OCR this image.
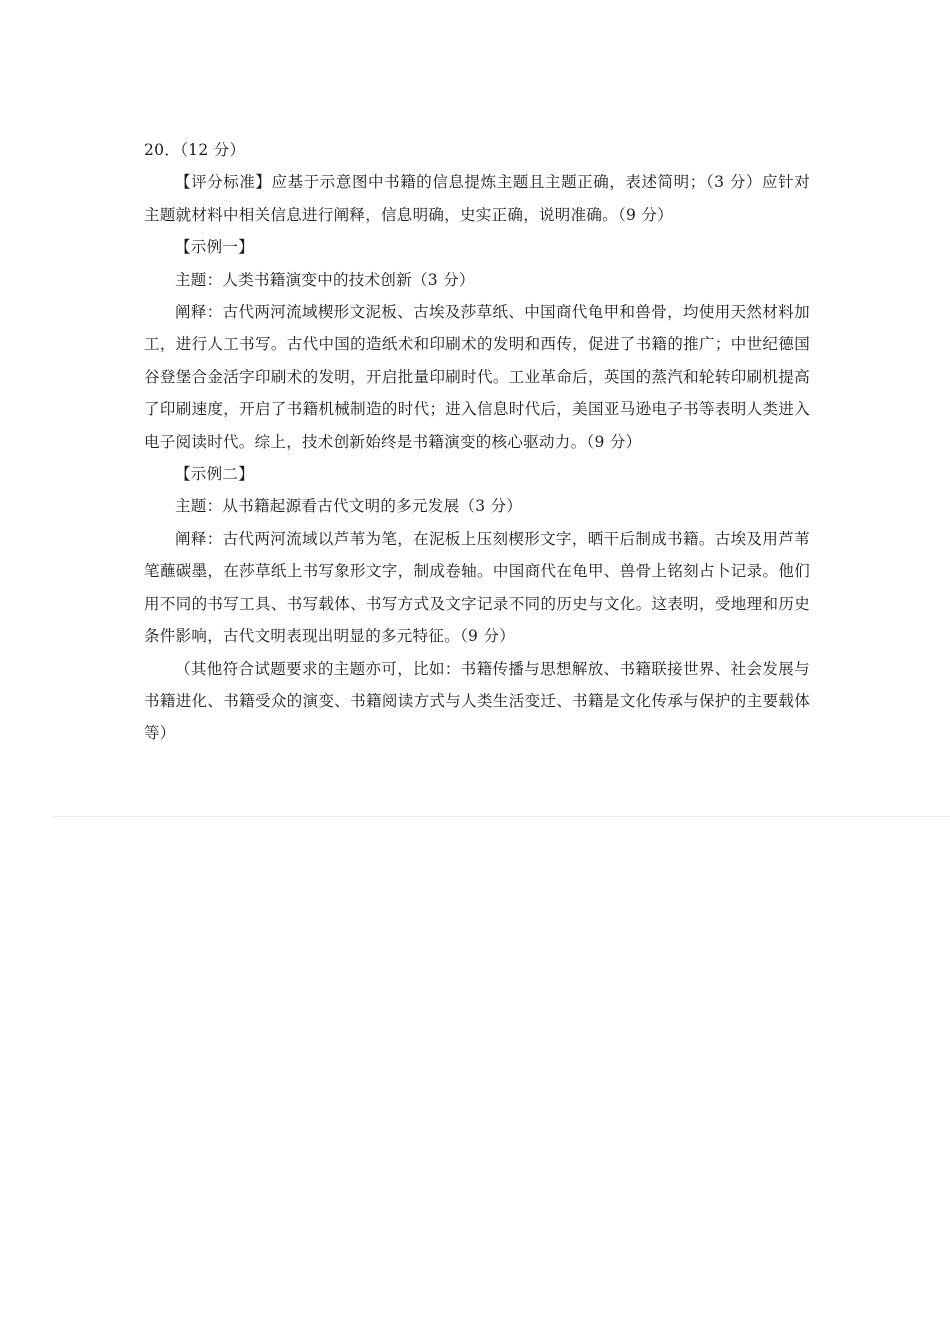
20．（12 分）

【评分标准】应基于示意图中书籍的信息提炼主题且主题正确，表述简明；（3 分）应针对主题就材料中相关信息进行阐释，信息明确，史实正确，说明准确。（9 分）

【示例一】

主题：人类书籍演变中的技术创新（3 分）

阐释：古代两河流域楔形文泥板、古埃及莎草纸、中国商代龟甲和兽骨，均使用天然材料加工，进行人工书写。古代中国的造纸术和印刷术的发明和西传，促进了书籍的推广；中世纪德国谷登堡合金活字印刷术的发明，开启批量印刷时代。工业革命后，英国的蒸汽和轮转印刷机提高了印刷速度，开启了书籍机械制造的时代；进入信息时代后，美国亚马逊电子书等表明人类进入电子阅读时代。综上，技术创新始终是书籍演变的核心驱动力。（9 分）

【示例二】

主题：从书籍起源看古代文明的多元发展（3 分）

阐释：古代两河流域以芦苇为笔，在泥板上压刻楔形文字，晒干后制成书籍。古埃及用芦苇笔蘸碳墨，在莎草纸上书写象形文字，制成卷轴。中国商代在龟甲、兽骨上铭刻占卜记录。他们用不同的书写工具、书写载体、书写方式及文字记录不同的历史与文化。这表明，受地理和历史条件影响，古代文明表现出明显的多元特征。（9 分）

（其他符合试题要求的主题亦可，比如：书籍传播与思想解放、书籍联接世界、社会发展与书籍进化、书籍受众的演变、书籍阅读方式与人类生活变迁、书籍是文化传承与保护的主要载体等）
